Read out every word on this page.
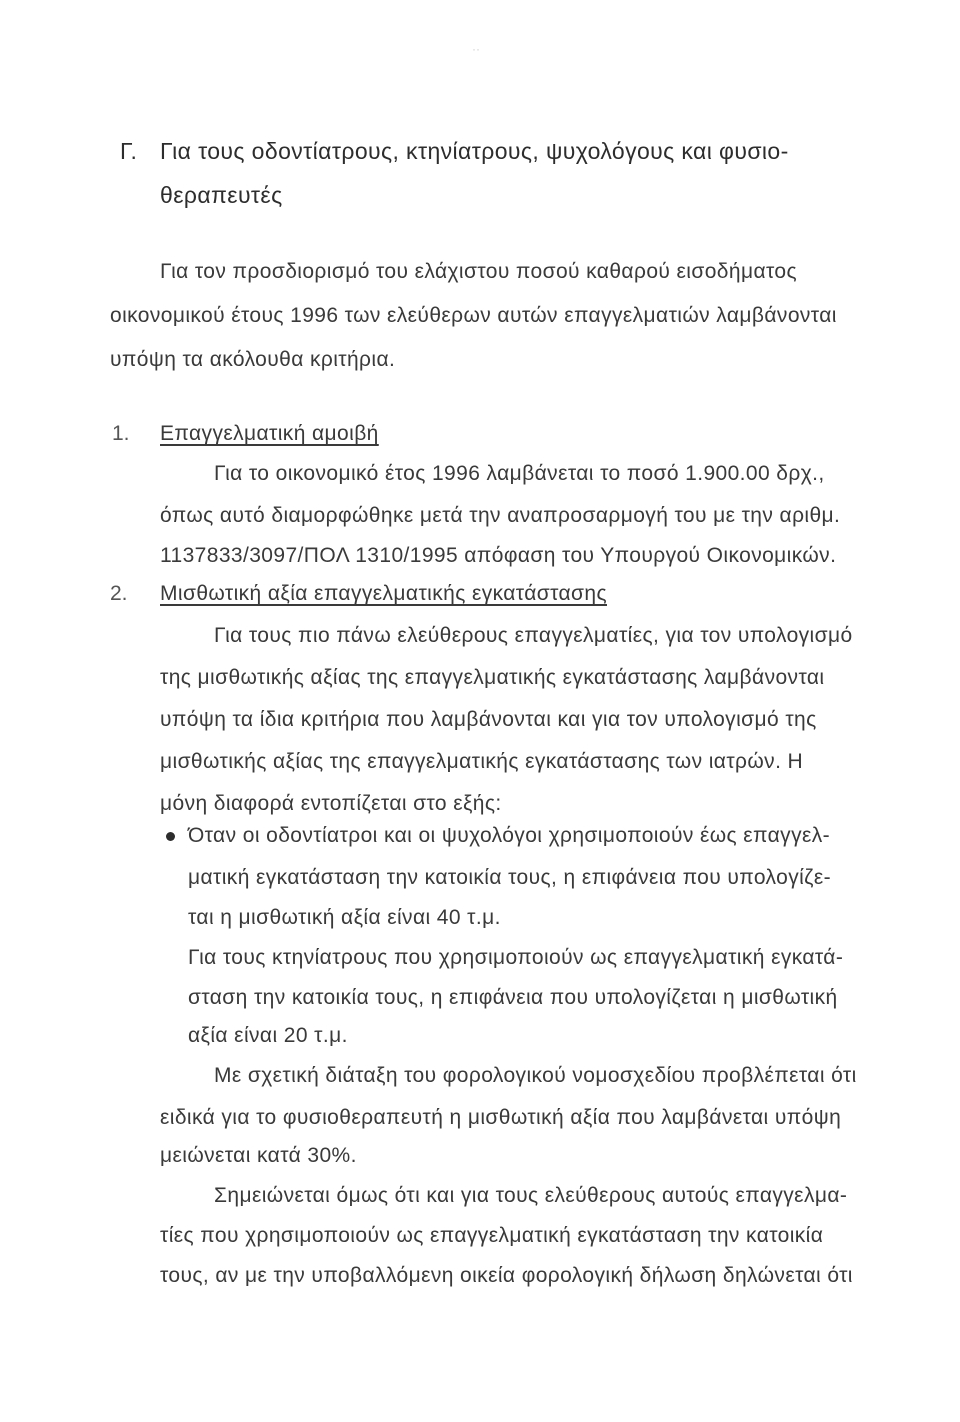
··
Γ. Για τους οδοντίατρους, κτηνίατρους, ψυχολόγους και φυσιο-
θεραπευτές
Για τον προσδιορισμό του ελάχιστου ποσού καθαρού εισοδήματος
οικονομικού έτους 1996 των ελεύθερων αυτών επαγγελματιών λαμβάνονται
υπόψη τα ακόλουθα κριτήρια.
1. Επαγγελματική αμοιβή
Για το οικονομικό έτος 1996 λαμβάνεται το ποσό 1.900.00 δρχ.,
όπως αυτό διαμορφώθηκε μετά την αναπροσαρμογή του με την αριθμ.
1137833/3097/ΠΟΛ 1310/1995 απόφαση του Υπουργού Οικονομικών.
2. Μισθωτική αξία επαγγελματικής εγκατάστασης
Για τους πιο πάνω ελεύθερους επαγγελματίες, για τον υπολογισμό
της μισθωτικής αξίας της επαγγελματικής εγκατάστασης λαμβάνονται
υπόψη τα ίδια κριτήρια που λαμβάνονται και για τον υπολογισμό της
μισθωτικής αξίας της επαγγελματικής εγκατάστασης των ιατρών. Η
μόνη διαφορά εντοπίζεται στο εξής:
Όταν οι οδοντίατροι και οι ψυχολόγοι χρησιμοποιούν έως επαγγελ-
ματική εγκατάσταση την κατοικία τους, η επιφάνεια που υπολογίζε-
ται η μισθωτική αξία είναι 40 τ.μ.
Για τους κτηνίατρους που χρησιμοποιούν ως επαγγελματική εγκατά-
σταση την κατοικία τους, η επιφάνεια που υπολογίζεται η μισθωτική
αξία είναι 20 τ.μ.
Με σχετική διάταξη του φορολογικού νομοσχεδίου προβλέπεται ότι
ειδικά για το φυσιοθεραπευτή η μισθωτική αξία που λαμβάνεται υπόψη
μειώνεται κατά 30%.
Σημειώνεται όμως ότι και για τους ελεύθερους αυτούς επαγγελμα-
τίες που χρησιμοποιούν ως επαγγελματική εγκατάσταση την κατοικία
τους, αν με την υποβαλλόμενη οικεία φορολογική δήλωση δηλώνεται ότι
